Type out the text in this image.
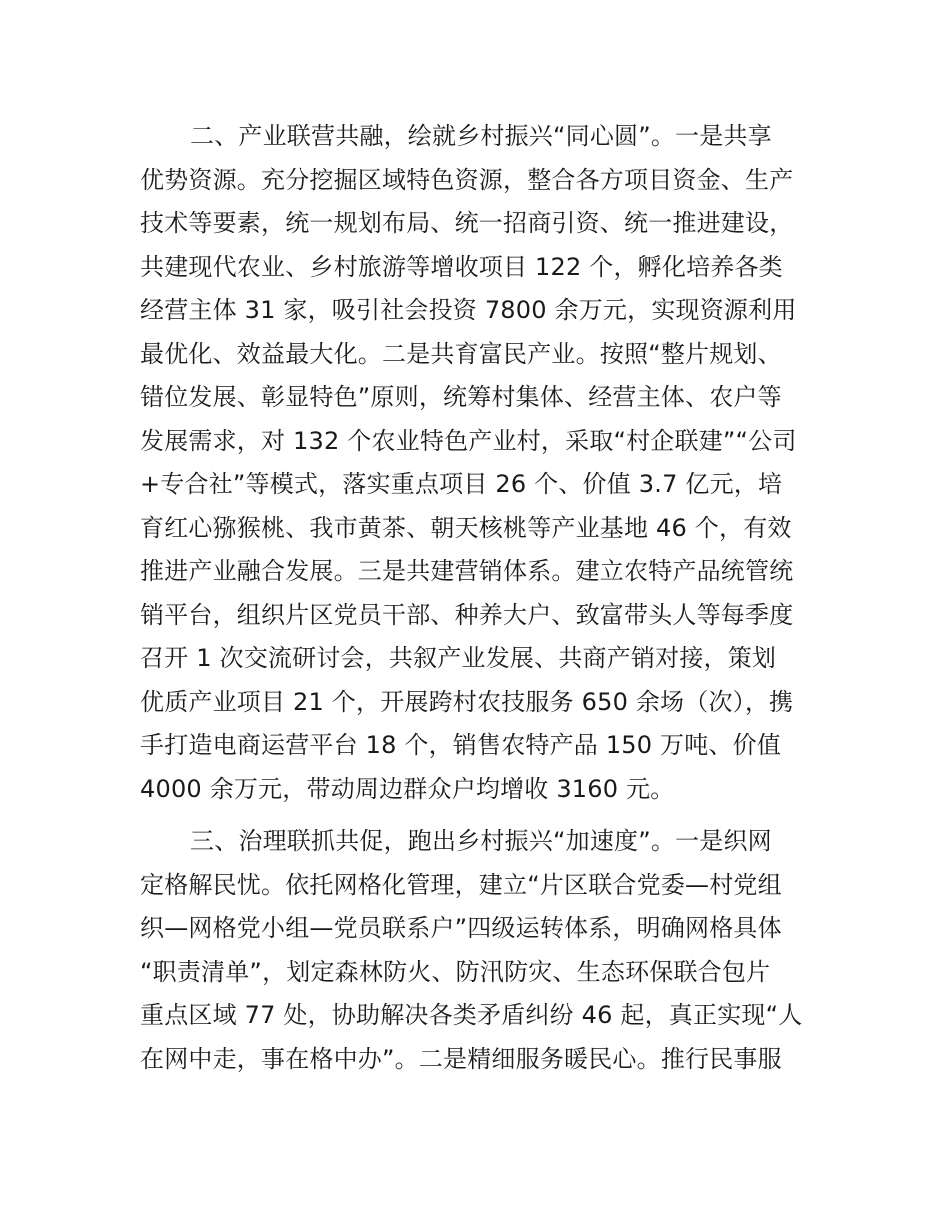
二、产业联营共融，绘就乡村振兴“同心圆”。一是共享
优势资源。充分挖掘区域特色资源，整合各方项目资金、生产
技术等要素，统一规划布局、统一招商引资、统一推进建设，
共建现代农业、乡村旅游等增收项目 122 个，孵化培养各类
经营主体 31 家，吸引社会投资 7800 余万元，实现资源利用
最优化、效益最大化。二是共育富民产业。按照“整片规划、
错位发展、彰显特色”原则，统筹村集体、经营主体、农户等
发展需求，对 132 个农业特色产业村，采取“村企联建”“公司
+专合社”等模式，落实重点项目 26 个、价值 3.7 亿元，培
育红心猕猴桃、我市黄茶、朝天核桃等产业基地 46 个，有效
推进产业融合发展。三是共建营销体系。建立农特产品统管统
销平台，组织片区党员干部、种养大户、致富带头人等每季度
召开 1 次交流研讨会，共叙产业发展、共商产销对接，策划
优质产业项目 21 个，开展跨村农技服务 650 余场（次），携
手打造电商运营平台 18 个，销售农特产品 150 万吨、价值
4000 余万元，带动周边群众户均增收 3160 元。
三、治理联抓共促，跑出乡村振兴“加速度”。一是织网
定格解民忧。依托网格化管理，建立“片区联合党委—村党组
织—网格党小组—党员联系户”四级运转体系，明确网格具体
“职责清单”，划定森林防火、防汛防灾、生态环保联合包片
重点区域 77 处，协助解决各类矛盾纠纷 46 起，真正实现“人
在网中走，事在格中办”。二是精细服务暖民心。推行民事服
